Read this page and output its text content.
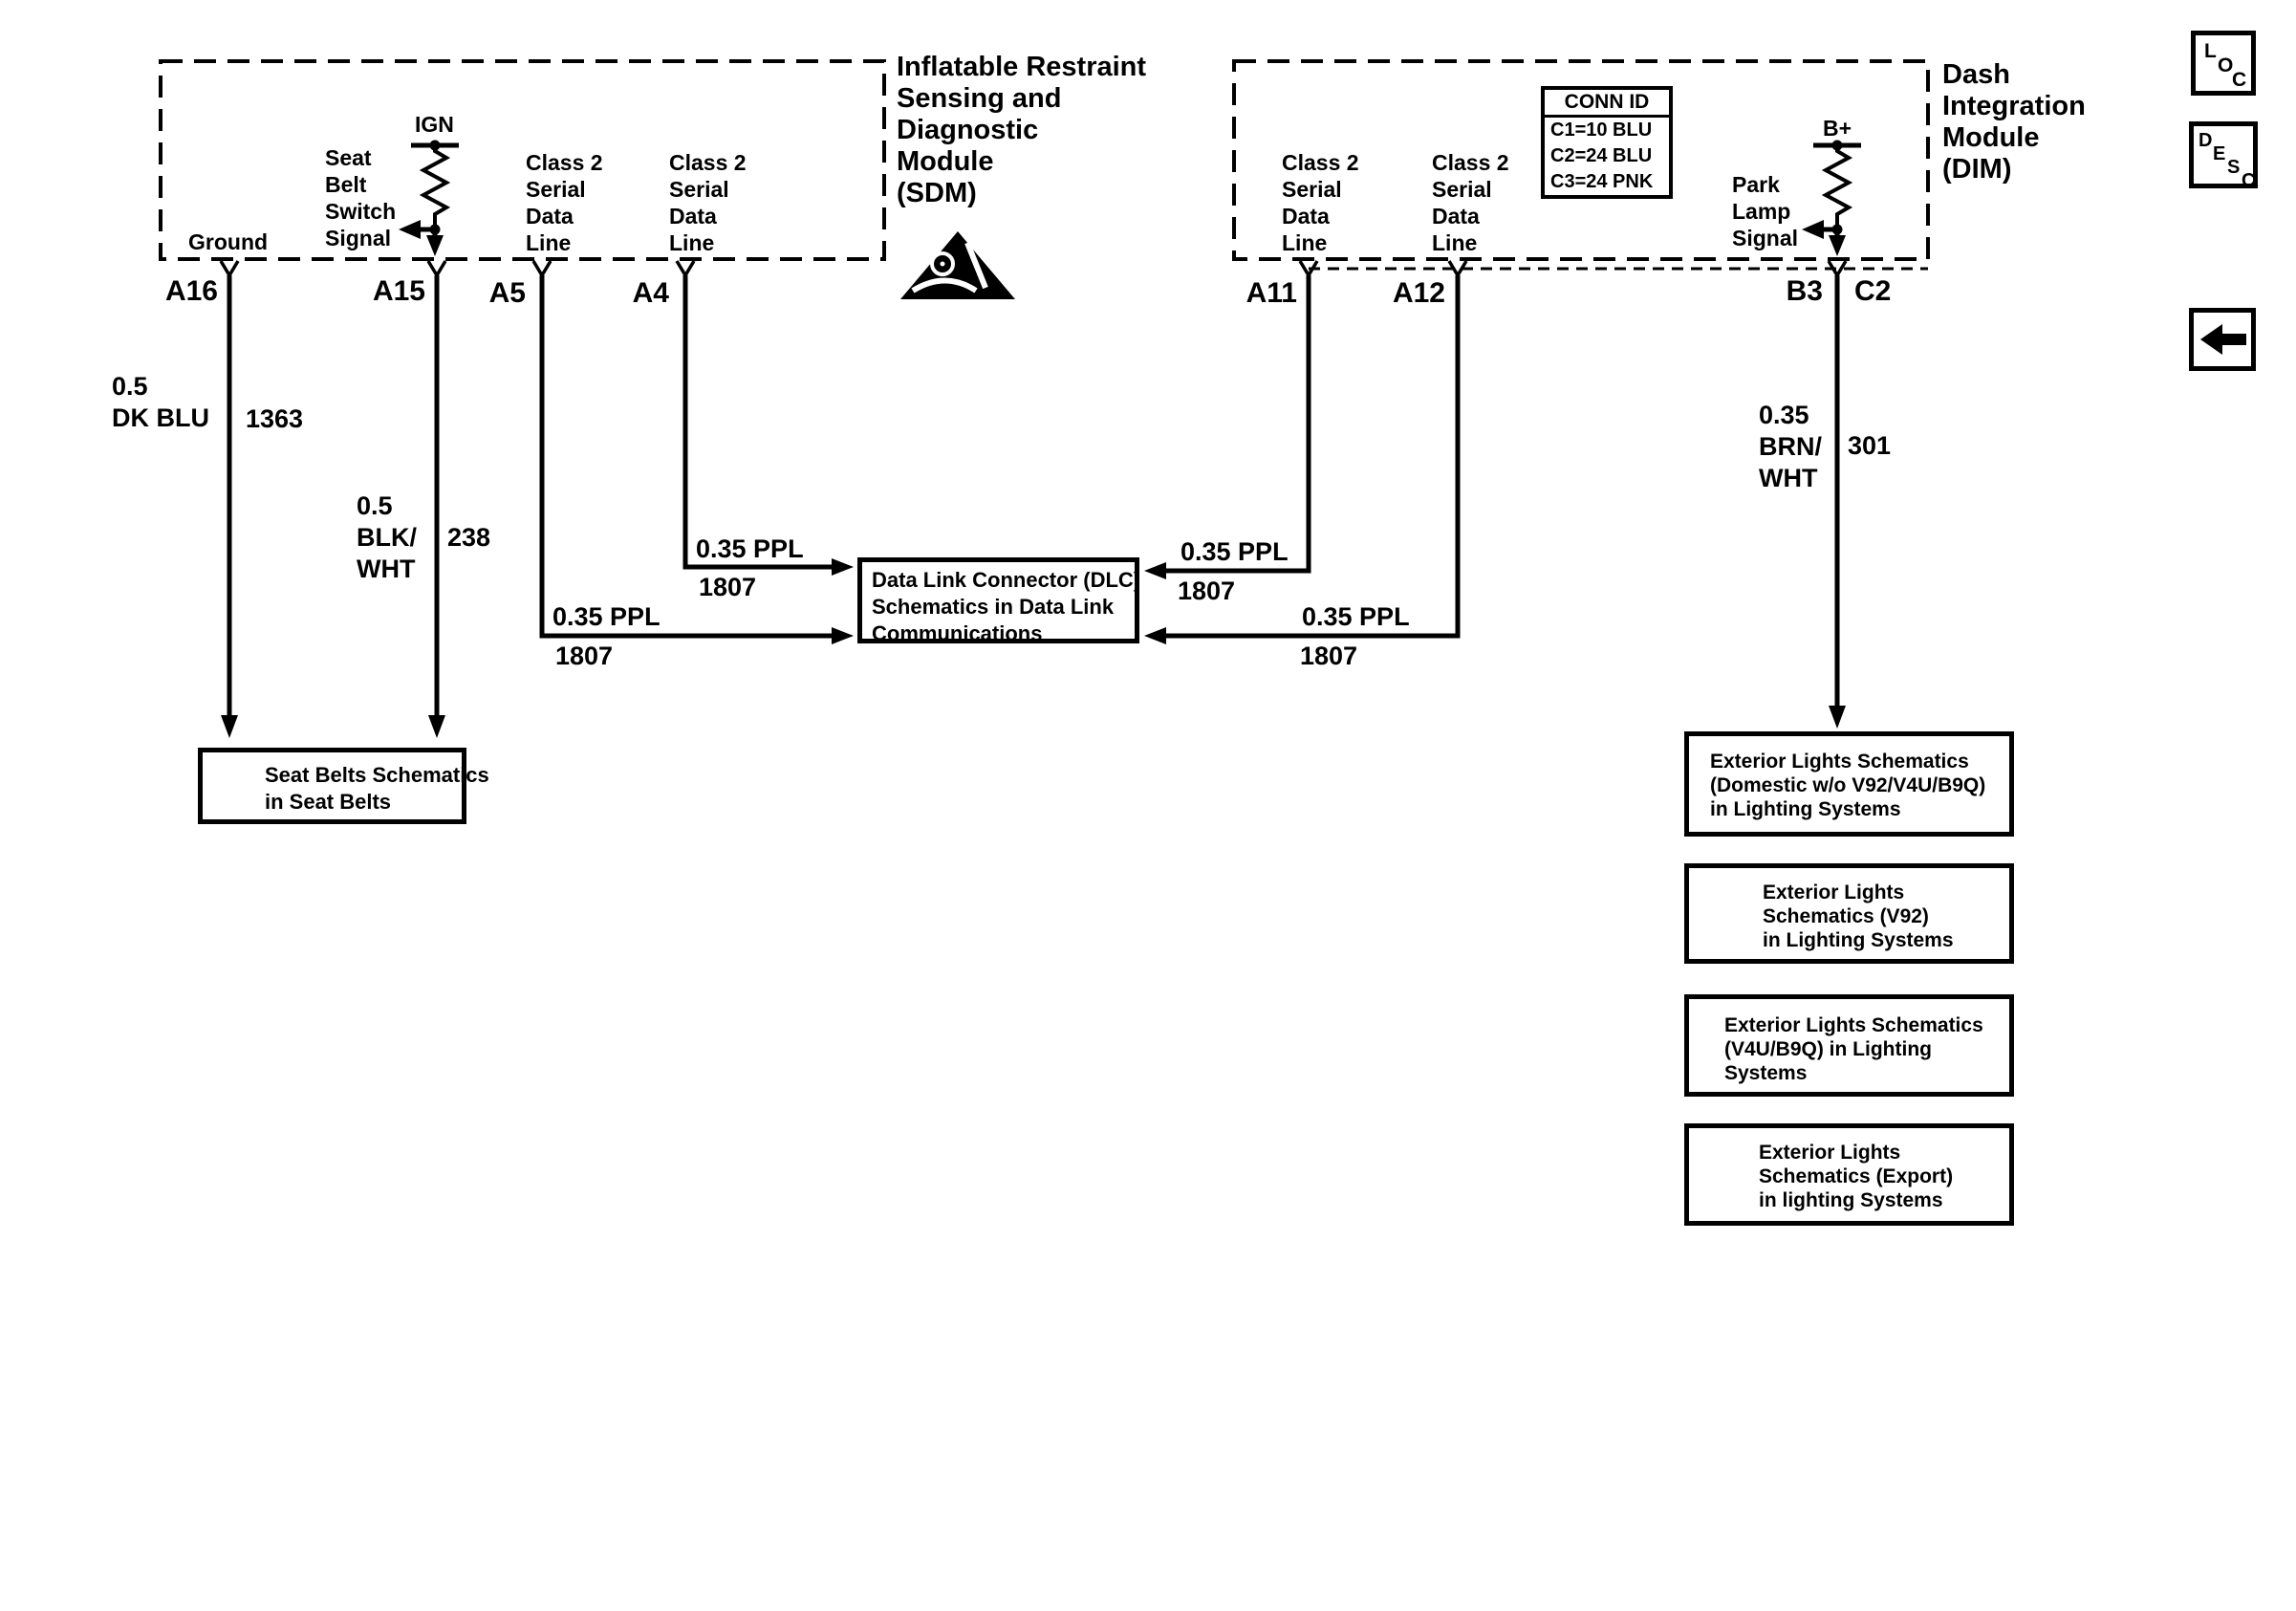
Inflatable Restraint
Sensing and
Diagnostic
Module
(SDM)
Dash
Integration
Module
(DIM)
Ground
Seat
Belt
Switch
Signal
IGN
Class 2
Serial
Data
Line
Class 2
Serial
Data
Line
Class 2
Serial
Data
Line
Class 2
Serial
Data
Line
CONN ID
C1=10 BLU
C2=24 BLU
C3=24 PNK	Park
Lamp
Signal
B+
A16	A15 A5	A4	A11	A12	B3 C2
0.5
DK BLU 1363
0.5
BLK/
WHT
238	0.35 PPL
1807
0.35 PPL
1807
0.35 PPL
1807
0.35 PPL
1807
0.35
BRN/
WHT
301
Data Link Connector (DLC)
Schematics in Data Link
Communications
Seat Belts Schematics
in Seat Belts
Exterior Lights Schematics
(Domestic w/o V92/V4U/B9Q)
in Lighting Systems
Exterior Lights
Schematics (V92)
in Lighting Systems
Exterior Lights Schematics
(V4U/B9Q) in Lighting
Systems
Exterior Lights
Schematics (Export)
in lighting Systems
L
O
C
D
E
S
C
